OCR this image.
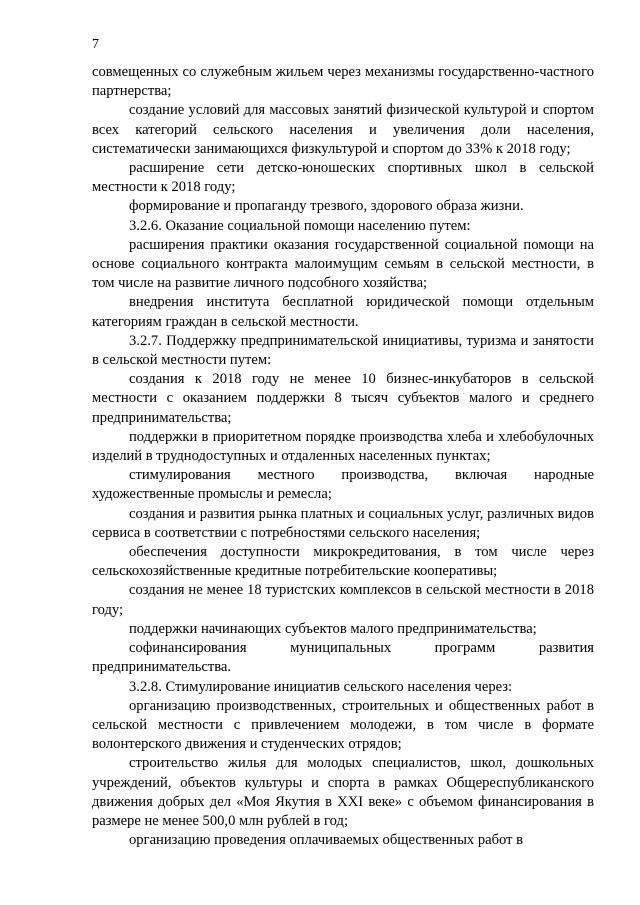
7

совмещенных со служебным жильем через механизмы государственно-частного партнерства;

создание условий для массовых занятий физической культурой и спортом всех категорий сельского населения и увеличения доли населения, систематически занимающихся физкультурой и спортом до 33% к 2018 году;

расширение сети детско-юношеских спортивных школ в сельской местности к 2018 году;

формирование и пропаганду трезвого, здорового образа жизни.

3.2.6. Оказание социальной помощи населению путем:

расширения практики оказания государственной социальной помощи на основе социального контракта малоимущим семьям в сельской местности, в том числе на развитие личного подсобного хозяйства;

внедрения института бесплатной юридической помощи отдельным категориям граждан в сельской местности.

3.2.7. Поддержку предпринимательской инициативы, туризма и занятости в сельской местности путем:

создания к 2018 году не менее 10 бизнес-инкубаторов в сельской местности с оказанием поддержки 8 тысяч субъектов малого и среднего предпринимательства;

поддержки в приоритетном порядке производства хлеба и хлебобулочных изделий в труднодоступных и отдаленных населенных пунктах;

стимулирования местного производства, включая народные художественные промыслы и ремесла;

создания и развития рынка платных и социальных услуг, различных видов сервиса в соответствии с потребностями сельского населения;

обеспечения доступности микрокредитования, в том числе через сельскохозяйственные кредитные потребительские кооперативы;

создания не менее 18 туристских комплексов в сельской местности в 2018 году;

поддержки начинающих субъектов малого предпринимательства;

софинансирования муниципальных программ развития предпринимательства.

3.2.8. Стимулирование инициатив сельского населения через:

организацию производственных, строительных и общественных работ в сельской местности с привлечением молодежи, в том числе в формате волонтерского движения и студенческих отрядов;

строительство жилья для молодых специалистов, школ, дошкольных учреждений, объектов культуры и спорта в рамках Общереспубликанского движения добрых дел «Моя Якутия в XXI веке» с объемом финансирования в размере не менее 500,0 млн рублей в год;

организацию проведения оплачиваемых общественных работ в
